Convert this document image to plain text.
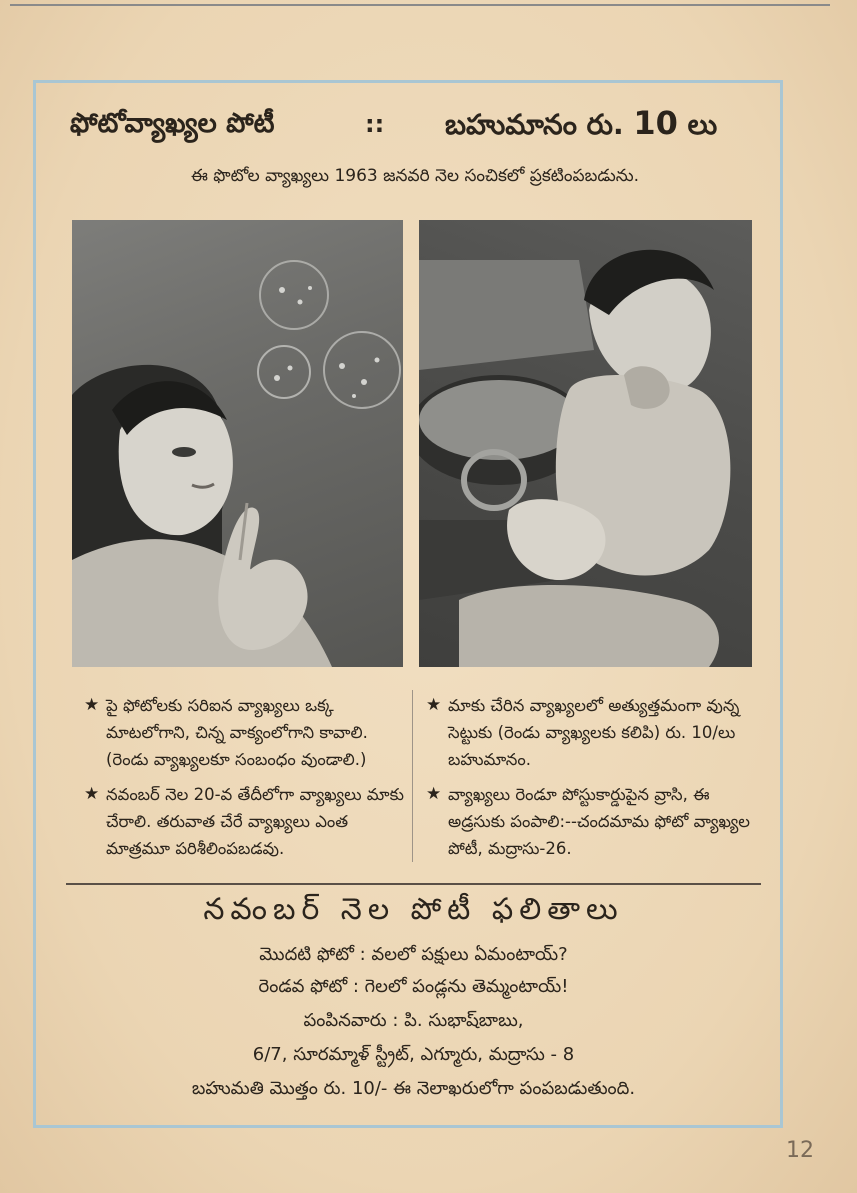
ఫోటోవ్యాఖ్యల పోటీ	:: బహుమానం రు. 10 లు
ఈ ఫొటోల వ్యాఖ్యలు 1963 జనవరి నెల సంచికలో ప్రకటింపబడును.
★ పై ఫోటోలకు సరిఐన వ్యాఖ్యలు ఒక్క మాటలోగాని, చిన్న వాక్యంలోగాని కావాలి. (రెండు వ్యాఖ్యలకూ సంబంధం వుండాలి.)
★ నవంబర్ నెల 20-వ తేదీలోగా వ్యాఖ్యలు మాకు చేరాలి. తరువాత చేరే వ్యాఖ్యలు ఎంత మాత్రమూ పరిశీలింపబడవు.
★ మాకు చేరిన వ్యాఖ్యలలో అత్యుత్తమంగా వున్న సెట్టుకు (రెండు వ్యాఖ్యలకు కలిపి) రు. 10/లు బహుమానం.
★ వ్యాఖ్యలు రెండూ పోస్టుకార్డుపైన వ్రాసి, ఈ అడ్రసుకు పంపాలి:--చందమామ ఫోటో వ్యాఖ్యల పోటీ, మద్రాసు-26.
నవంబర్ నెల పోటీ ఫలితాలు
మొదటి ఫోటో : వలలో పక్షులు ఏమంటాయ్?
రెండవ ఫోటో : గెలలో పండ్లను తెమ్మంటాయ్!
పంపినవారు : పి. సుభాష్‌బాబు,
6/7, సూరమ్మాళ్ స్ట్రీట్, ఎగ్మూరు, మద్రాసు - 8
బహుమతి మొత్తం రు. 10/- ఈ నెలాఖరులోగా పంపబడుతుంది.
12
